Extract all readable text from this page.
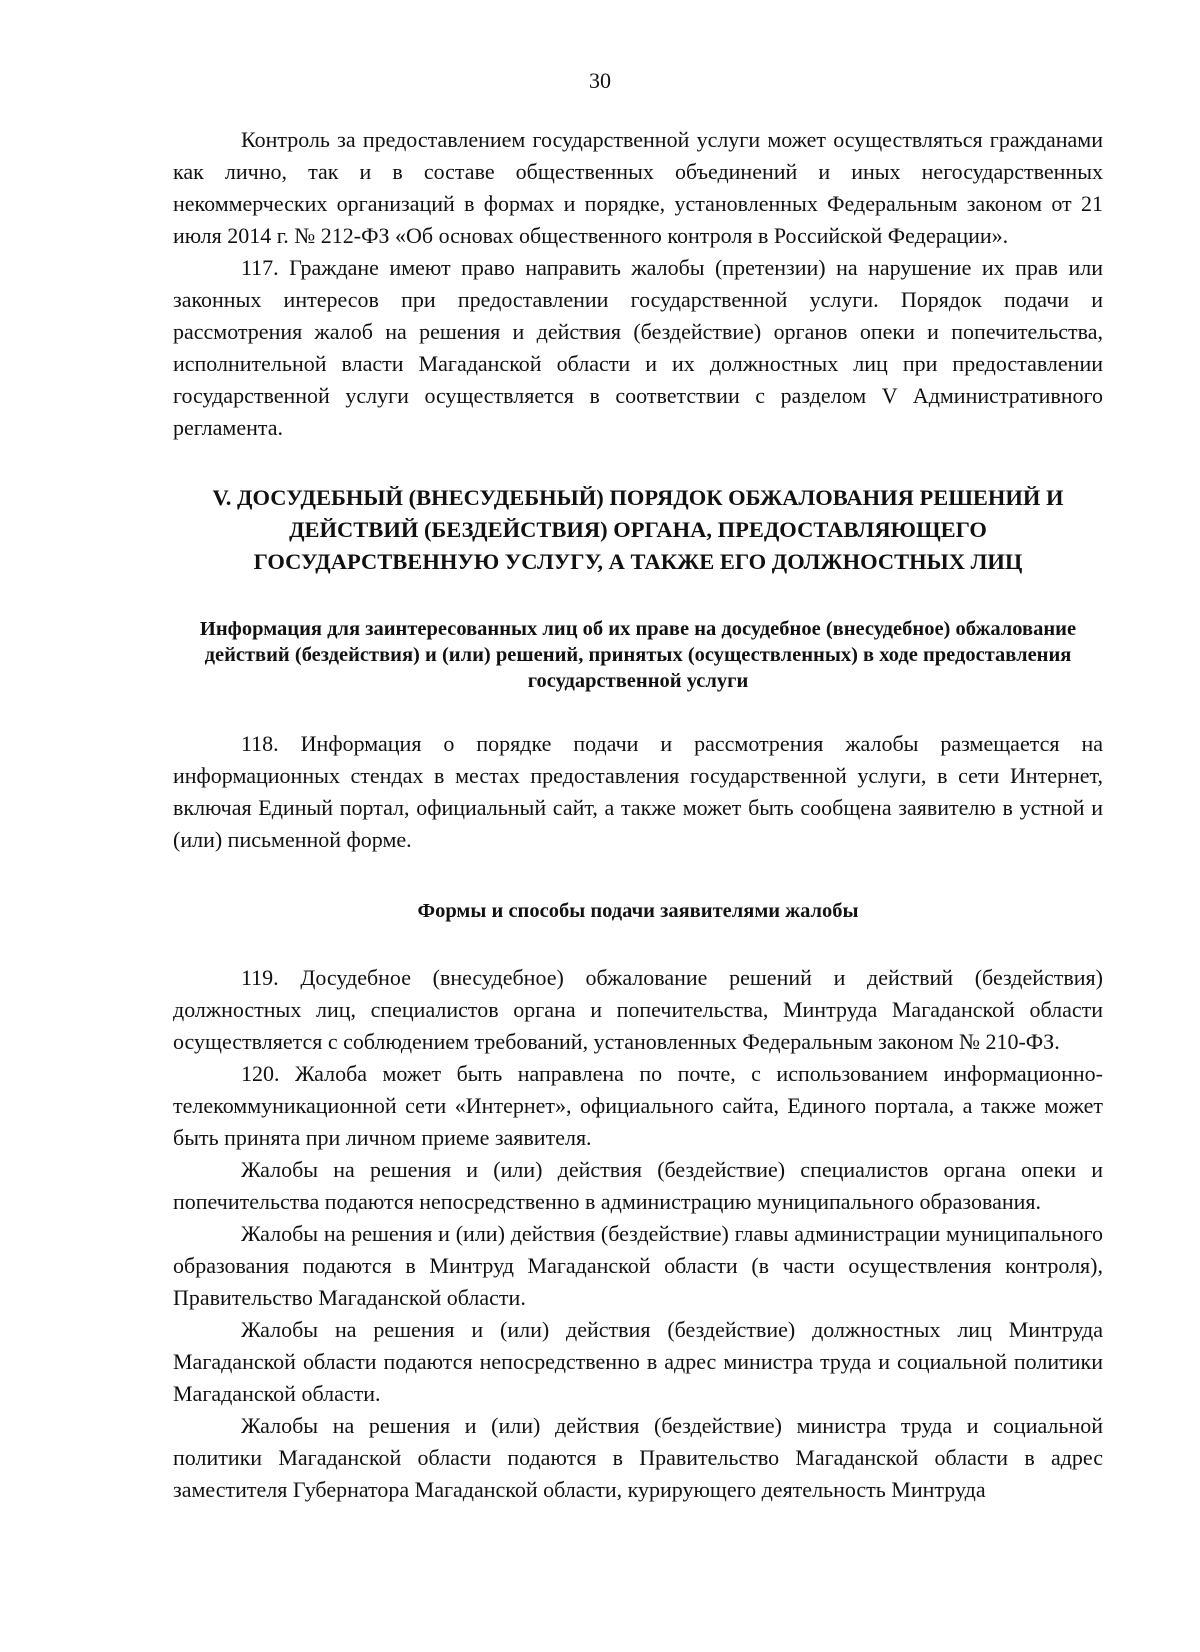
30

Контроль за предоставлением государственной услуги может осуществляться гражданами как лично, так и в составе общественных объединений и иных негосударственных некоммерческих организаций в формах и порядке, установленных Федеральным законом от 21 июля 2014 г. № 212-ФЗ «Об основах общественного контроля в Российской Федерации».

117. Граждане имеют право направить жалобы (претензии) на нарушение их прав или законных интересов при предоставлении государственной услуги. Порядок подачи и рассмотрения жалоб на решения и действия (бездействие) органов опеки и попечительства, исполнительной власти Магаданской области и их должностных лиц при предоставлении государственной услуги осуществляется в соответствии с разделом V Административного регламента.

V. ДОСУДЕБНЫЙ (ВНЕСУДЕБНЫЙ) ПОРЯДОК ОБЖАЛОВАНИЯ РЕШЕНИЙ И ДЕЙСТВИЙ (БЕЗДЕЙСТВИЯ) ОРГАНА, ПРЕДОСТАВЛЯЮЩЕГО ГОСУДАРСТВЕННУЮ УСЛУГУ, А ТАКЖЕ ЕГО ДОЛЖНОСТНЫХ ЛИЦ
Информация для заинтересованных лиц об их праве на досудебное (внесудебное) обжалование действий (бездействия) и (или) решений, принятых (осуществленных) в ходе предоставления государственной услуги

118. Информация о порядке подачи и рассмотрения жалобы размещается на информационных стендах в местах предоставления государственной услуги, в сети Интернет, включая Единый портал, официальный сайт, а также может быть сообщена заявителю в устной и (или) письменной форме.

Формы и способы подачи заявителями жалобы

119. Досудебное (внесудебное) обжалование решений и действий (бездействия) должностных лиц, специалистов органа и попечительства, Минтруда Магаданской области осуществляется с соблюдением требований, установленных Федеральным законом № 210-ФЗ.

120. Жалоба может быть направлена по почте, с использованием информационно-телекоммуникационной сети «Интернет», официального сайта, Единого портала, а также может быть принята при личном приеме заявителя.

Жалобы на решения и (или) действия (бездействие) специалистов органа опеки и попечительства подаются непосредственно в администрацию муниципального образования.

Жалобы на решения и (или) действия (бездействие) главы администрации муниципального образования подаются в Минтруд Магаданской области (в части осуществления контроля), Правительство Магаданской области.

Жалобы на решения и (или) действия (бездействие) должностных лиц Минтруда Магаданской области подаются непосредственно в адрес министра труда и социальной политики Магаданской области.

Жалобы на решения и (или) действия (бездействие) министра труда и социальной политики Магаданской области подаются в Правительство Магаданской области в адрес заместителя Губернатора Магаданской области, курирующего деятельность Минтруда
